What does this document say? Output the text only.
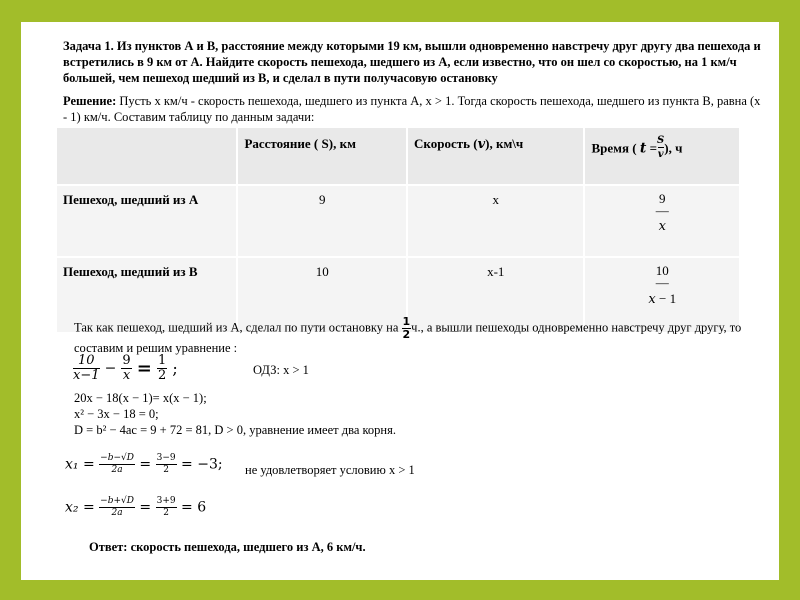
Задача 1. Из пунктов А и В, расстояние между которыми 19 км, вышли одновременно навстречу друг другу два пешехода и встретились в 9 км от А. Найдите скорость пешехода, шедшего из А, если известно, что он шел со скоростью, на 1 км/ч большей, чем пешеход шедший из В, и сделал в пути получасовую остановку
Решение: Пусть х км/ч - скорость пешехода, шедшего из пункта А, х > 1. Тогда скорость пешехода, шедшего из пункта В, равна (х - 1) км/ч. Составим таблицу по данным задачи:
	Расстояние ( S), км	Скорость (v), км\ч	Время ( $t = \frac{S}{v}$ ), ч
Пешеход, шедший из А	9	х	9
—
x

Пешеход, шедший из В	10	х-1	10
—
x − 1
Так как пешеход, шедший из А, сделал по пути остановку на $\frac{1}{2} ч$., а вышли пешеходы одновременно навстречу друг другу, то составим и решим уравнение :
$\frac{10}{x-1} - \frac{9}{x} = \frac{1}{2}$ ;	ОДЗ: x > 1
20x − 18(x − 1)= x(x − 1);
x² − 3x − 18 = 0;
D = b² − 4ac = 9 + 72 = 81, D > 0, уравнение имеет два корня.
$x_1 = \frac{-b-√D}{2a} = \frac{3-9}{2} = -3$; не удовлетворяет условию х > 1
$x_2 = \frac{-b+√D}{2a} = \frac{3+9}{2} = 6$
Ответ: скорость пешехода, шедшего из А, 6 км/ч.
